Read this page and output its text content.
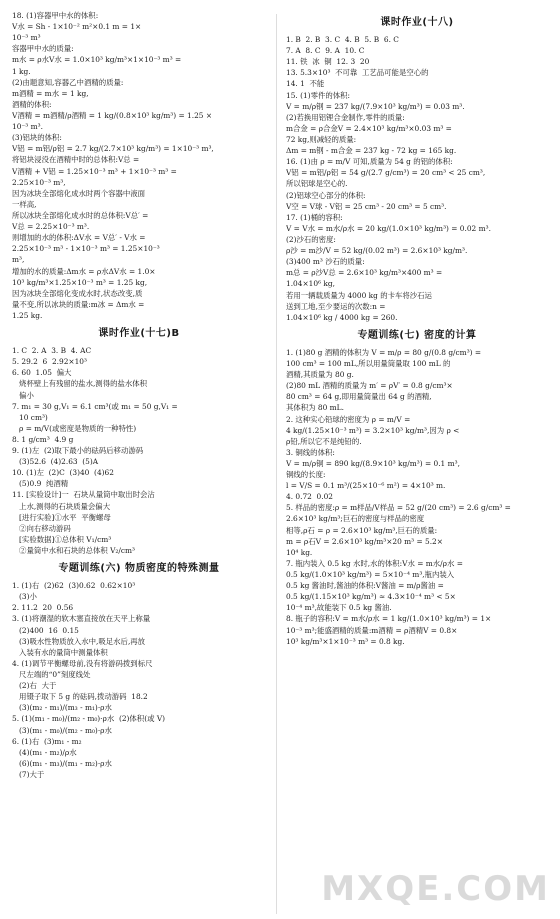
18. (1)容器甲中水的体积:
V水 = Sh - 1×10⁻² m²×0.1 m = 1×
10⁻³ m³
容器甲中水的质量:
m水 = ρ水V水 = 1.0×10³ kg/m³×1×10⁻³ m³ =
1 kg.
(2)由题意知,容器乙中酒精的质量:
m酒精 = m水 = 1 kg,
酒精的体积:
V酒精 = m酒精/ρ酒精 = 1 kg/(0.8×10³ kg/m³) = 1.25 ×
10⁻³ m³.
(3)铝块的体积:
V铝 = m铝/ρ铝 = 2.7 kg/(2.7×10³ kg/m³) = 1×10⁻³ m³,
将铝块浸没在酒精中时的总体积:V总 =
V酒精 + V铝 = 1.25×10⁻³ m³ + 1×10⁻³ m³ =
2.25×10⁻³ m³,
因为冰块全部熔化成水时两个容器中液面
一样高,
所以冰块全部熔化成水时的总体积:V总′ =
V总 = 2.25×10⁻³ m³.
则增加的水的体积:ΔV水 = V总′ - V水 =
2.25×10⁻³ m³ - 1×10⁻³ m³ = 1.25×10⁻³
m³,
增加的水的质量:Δm水 = ρ水ΔV水 = 1.0×
10³ kg/m³×1.25×10⁻³ m³ = 1.25 kg,
因为冰块全部熔化变成水时,状态改变,质
量不变,所以冰块的质量:m冰 = Δm水 =
1.25 kg.
课时作业(十七)B
1. C  2. A  3. B  4. AC
5. 29.2  6  2.92×10³
6. 60  1.05  偏大
烧杯壁上有残留的盐水,测得的盐水体积
偏小
7. m₁ = 30 g,V₁ = 6.1 cm³(或 m₁ = 50 g,V₁ =
10 cm³)
ρ = m/V(或密度是物质的一种特性)
8. 1 g/cm³  4.9 g
9. (1)左  (2)取下最小的砝码后移动游码
(3)52.6  (4)2.63  (5)A
10. (1)左  (2)C  (3)40  (4)62
(5)0.9  纯酒精
11. [实验设计]一  石块从量筒中取出时会沾
上水,测得的石块质量会偏大
[进行实验]①水平  平衡螺母
②向右移动游码
[实验数据]①总体积 V₁/cm³
②量筒中水和石块的总体积 V₂/cm³
专题训练(六) 物质密度的特殊测量
1. (1)右  (2)62  (3)0.62  0.62×10³
(3)小
2. 11.2  20  0.56
3. (1)将潮湿的软木塞直接放在天平上称量
(2)400  16  0.15
(3)吸水性物质放入水中,吸足水后,再放
入装有水的量筒中测量体积
4. (1)调节平衡螺母前,没有将游码拨到标尺
尺左端的“0”刻度线处
(2)右  大于
用镊子取下 5 g 的砝码,拨动游码  18.2
(3)(m₂ - m₁)/(m₃ - m₁)·ρ水
5. (1)(m₁ - m₀)/(m₂ - m₀)·ρ水  (2)体积(或 V)
(3)(m₁ - m₀)/(m₂ - m₀)·ρ水
6. (1)右  (3)m₁ - m₂
(4)(m₁ - m₂)/ρ水
(6)(m₁ - m₃)/(m₁ - m₂)·ρ水
(7)大于
课时作业(十八)
1. B  2. B  3. C  4. B  5. B  6. C
7. A  8. C  9. A  10. C
11. 铁  冰  铜  12. 3  20
13. 5.3×10³  不可靠  工艺品可能是空心的
14. 1  不能
15. (1)零件的体积:
V = m/ρ钢 = 237 kg/(7.9×10³ kg/m³) = 0.03 m³.
(2)若换用铝锂合金制作,零件的质量:
m合金 = ρ合金V = 2.4×10³ kg/m³×0.03 m³ =
72 kg,则减轻的质量:
Δm = m钢 - m合金 = 237 kg - 72 kg = 165 kg.
16. (1)由 ρ = m/V 可知,质量为 54 g 的铝的体积:
V铝 = m铝/ρ铝 = 54 g/(2.7 g/cm³) = 20 cm³ < 25 cm³,
所以铝球是空心的.
(2)铝球空心部分的体积:
V空 = V球 - V铝 = 25 cm³ - 20 cm³ = 5 cm³.
17. (1)桶的容积:
V = V水 = m水/ρ水 = 20 kg/(1.0×10³ kg/m³) = 0.02 m³.
(2)沙石的密度:
ρ沙 = m沙/V = 52 kg/(0.02 m³) = 2.6×10³ kg/m³.
(3)400 m³ 沙石的质量:
m总 = ρ沙V总 = 2.6×10³ kg/m³×400 m³ =
1.04×10⁶ kg,
若用一辆载质量为 4000 kg 的卡车将沙石运
送到工地,至少要运的次数:n =
1.04×10⁶ kg / 4000 kg = 260.
专题训练(七) 密度的计算
1. (1)80 g 酒精的体积为 V = m/ρ = 80 g/(0.8 g/cm³) =
100 cm³ = 100 mL,所以用量筒量取 100 mL 的
酒精,其质量为 80 g.
(2)80 mL 酒精的质量为 m′ = ρV′ = 0.8 g/cm³×
80 cm³ = 64 g,即用量筒量出 64 g 的酒精,
其体积为 80 mL.
2. 这种实心铅球的密度为 ρ = m/V =
4 kg/(1.25×10⁻³ m³) = 3.2×10³ kg/m³,因为 ρ <
ρ铅,所以它不是纯铅的.
3. 铜线的体积:
V = m/ρ铜 = 890 kg/(8.9×10³ kg/m³) = 0.1 m³,
铜线的长度:
l = V/S = 0.1 m³/(25×10⁻⁶ m²) = 4×10³ m.
4. 0.72  0.02
5. 样品的密度:ρ = m样品/V样品 = 52 g/(20 cm³) = 2.6 g/cm³ =
2.6×10³ kg/m³;巨石的密度与样品的密度
相等,ρ石 = ρ = 2.6×10³ kg/m³,巨石的质量:
m = ρ石V = 2.6×10³ kg/m³×20 m³ = 5.2×
10⁴ kg.
7. 瓶内装入 0.5 kg 水时,水的体积:V水 = m水/ρ水 =
0.5 kg/(1.0×10³ kg/m³) = 5×10⁻⁴ m³,瓶内装入
0.5 kg 酱油时,酱油的体积:V酱油 = m/ρ酱油 =
0.5 kg/(1.15×10³ kg/m³) ≈ 4.3×10⁻⁴ m³ < 5×
10⁻⁴ m³,故能装下 0.5 kg 酱油.
8. 瓶子的容积:V = m水/ρ水 = 1 kg/(1.0×10³ kg/m³) = 1×
10⁻³ m³;能盛酒精的质量:m酒精 = ρ酒精V = 0.8×
10³ kg/m³×1×10⁻³ m³ = 0.8 kg.
MXQE.COM
